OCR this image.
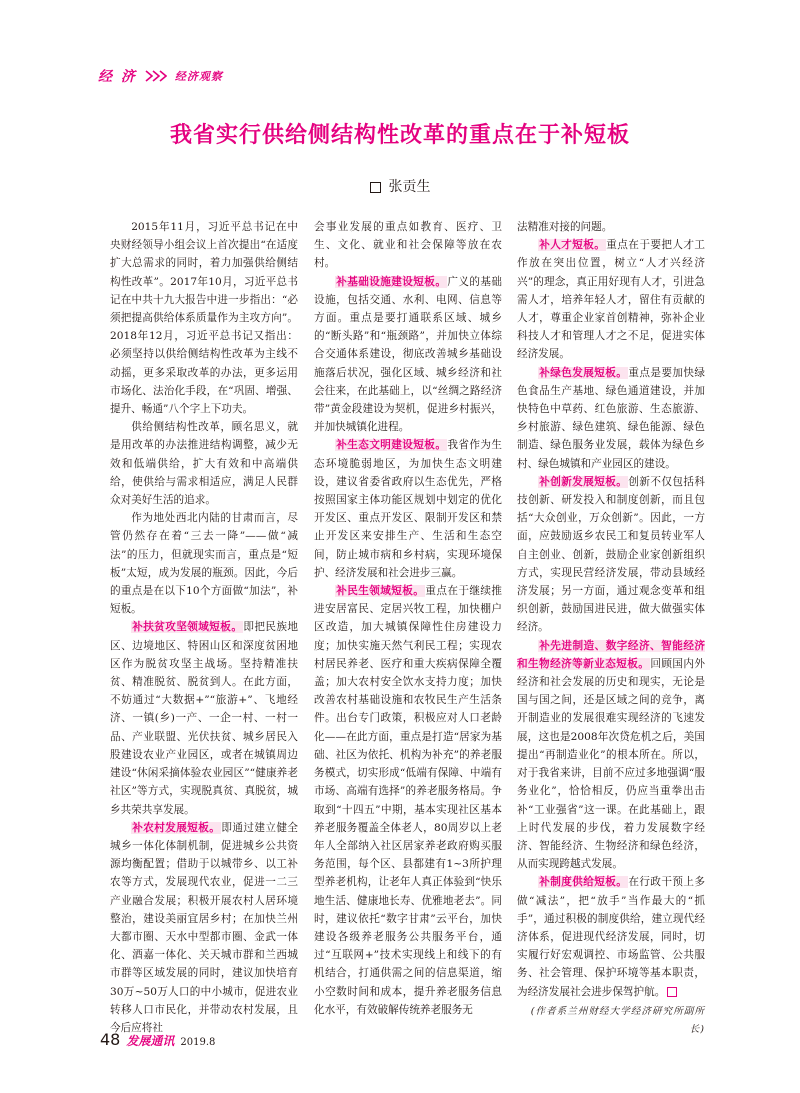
经 济	经济观察
我省实行供给侧结构性改革的重点在于补短板
张贡生

2015年11月，习近平总书记在中央财经领导小组会议上首次提出“在适度扩大总需求的同时，着力加强供给侧结构性改革”。2017年10月，习近平总书记在中共十九大报告中进一步指出：“必须把提高供给体系质量作为主攻方向”。2018年12月，习近平总书记又指出：必须坚持以供给侧结构性改革为主线不动摇，更多采取改革的办法，更多运用市场化、法治化手段，在“巩固、增强、提升、畅通”八个字上下功夫。

供给侧结构性改革，顾名思义，就是用改革的办法推进结构调整，减少无效和低端供给，扩大有效和中高端供给，使供给与需求相适应，满足人民群众对美好生活的追求。

作为地处西北内陆的甘肃而言，尽管仍然存在着“三去一降”——做“减法”的压力，但就现实而言，重点是“短板”太短，成为发展的瓶颈。因此，今后的重点是在以下10个方面做“加法”，补短板。

补扶贫攻坚领域短板。即把民族地区、边境地区、特困山区和深度贫困地区作为脱贫攻坚主战场。坚持精准扶贫、精准脱贫、脱贫到人。在此方面，不妨通过“大数据+”“旅游+”、飞地经济、一镇(乡)一产、一企一村、一村一品、产业联盟、光伏扶贫、城乡居民入股建设农业产业园区，或者在城镇周边建设“休闲采摘体验农业园区”“健康养老社区”等方式，实现脱真贫、真脱贫，城乡共荣共享发展。

补农村发展短板。即通过建立健全城乡一体化体制机制，促进城乡公共资源均衡配置；借助于以城带乡、以工补农等方式，发展现代农业，促进一二三产业融合发展；积极开展农村人居环境整治，建设美丽宜居乡村；在加快兰州大都市圈、天水中型都市圈、金武一体化、酒嘉一体化、关天城市群和兰西城市群等区域发展的同时，建议加快培育30万~50万人口的中小城市，促进农业转移人口市民化，并带动农村发展，且今后应将社

会事业发展的重点如教育、医疗、卫生、文化、就业和社会保障等放在农村。

补基础设施建设短板。广义的基础设施，包括交通、水利、电网、信息等方面。重点是要打通联系区域、城乡的“断头路”和“瓶颈路”，并加快立体综合交通体系建设，彻底改善城乡基础设施落后状况，强化区域、城乡经济和社会往来，在此基础上，以“丝绸之路经济带”黄金段建设为契机，促进乡村振兴，并加快城镇化进程。

补生态文明建设短板。我省作为生态环境脆弱地区，为加快生态文明建设，建议省委省政府以生态优先，严格按照国家主体功能区规划中划定的优化开发区、重点开发区、限制开发区和禁止开发区来安排生产、生活和生态空间，防止城市病和乡村病，实现环境保护、经济发展和社会进步三赢。

补民生领域短板。重点在于继续推进安居富民、定居兴牧工程，加快棚户区改造，加大城镇保障性住房建设力度；加快实施天然气利民工程；实现农村居民养老、医疗和重大疾病保障全覆盖；加大农村安全饮水支持力度；加快改善农村基础设施和农牧民生产生活条件。出台专门政策，积极应对人口老龄化——在此方面，重点是打造“居家为基础、社区为依托、机构为补充”的养老服务模式，切实形成“低端有保障、中端有市场、高端有选择”的养老服务格局。争取到“十四五”中期，基本实现社区基本养老服务覆盖全体老人，80周岁以上老年人全部纳入社区居家养老政府购买服务范围，每个区、县都建有1~3所护理型养老机构，让老年人真正体验到“快乐地生活、健康地长寿、优雅地老去”。同时，建议依托“数字甘肃”云平台，加快建设各级养老服务公共服务平台，通过“互联网+”技术实现线上和线下的有机结合，打通供需之间的信息渠道，缩小空数时间和成本，提升养老服务信息化水平，有效破解传统养老服务无

法精准对接的问题。

补人才短板。重点在于要把人才工作放在突出位置，树立“人才兴经济兴”的理念，真正用好现有人才，引进急需人才，培养年轻人才，留住有贡献的人才，尊重企业家首创精神，弥补企业科技人才和管理人才之不足，促进实体经济发展。

补绿色发展短板。重点是要加快绿色食品生产基地、绿色通道建设，并加快特色中草药、红色旅游、生态旅游、乡村旅游、绿色建筑、绿色能源、绿色制造、绿色服务业发展，载体为绿色乡村、绿色城镇和产业园区的建设。

补创新发展短板。创新不仅包括科技创新、研发投入和制度创新，而且包括“大众创业，万众创新”。因此，一方面，应鼓励返乡农民工和复员转业军人自主创业、创新，鼓励企业家创新组织方式，实现民营经济发展，带动县域经济发展；另一方面，通过观念变革和组织创新，鼓励国进民进，做大做强实体经济。

补先进制造、数字经济、智能经济和生物经济等新业态短板。回顾国内外经济和社会发展的历史和现实，无论是国与国之间，还是区域之间的竞争，离开制造业的发展很难实现经济的飞速发展，这也是2008年次贷危机之后，美国提出“再制造业化”的根本所在。所以，对于我省来讲，目前不应过多地强调“服务业化”，恰恰相反，仍应当重拳出击补“工业强省”这一课。在此基础上，跟上时代发展的步伐，着力发展数字经济、智能经济、生物经济和绿色经济，从而实现跨越式发展。

补制度供给短板。在行政干预上多做“减法”，把“放手”当作最大的“抓手”，通过积极的制度供给，建立现代经济体系，促进现代经济发展，同时，切实履行好宏观调控、市场监管、公共服务、社会管理、保护环境等基本职责，为经济发展社会进步保驾护航。

(作者系兰州财经大学经济研究所副所长)

48 发展通讯 2019.8
